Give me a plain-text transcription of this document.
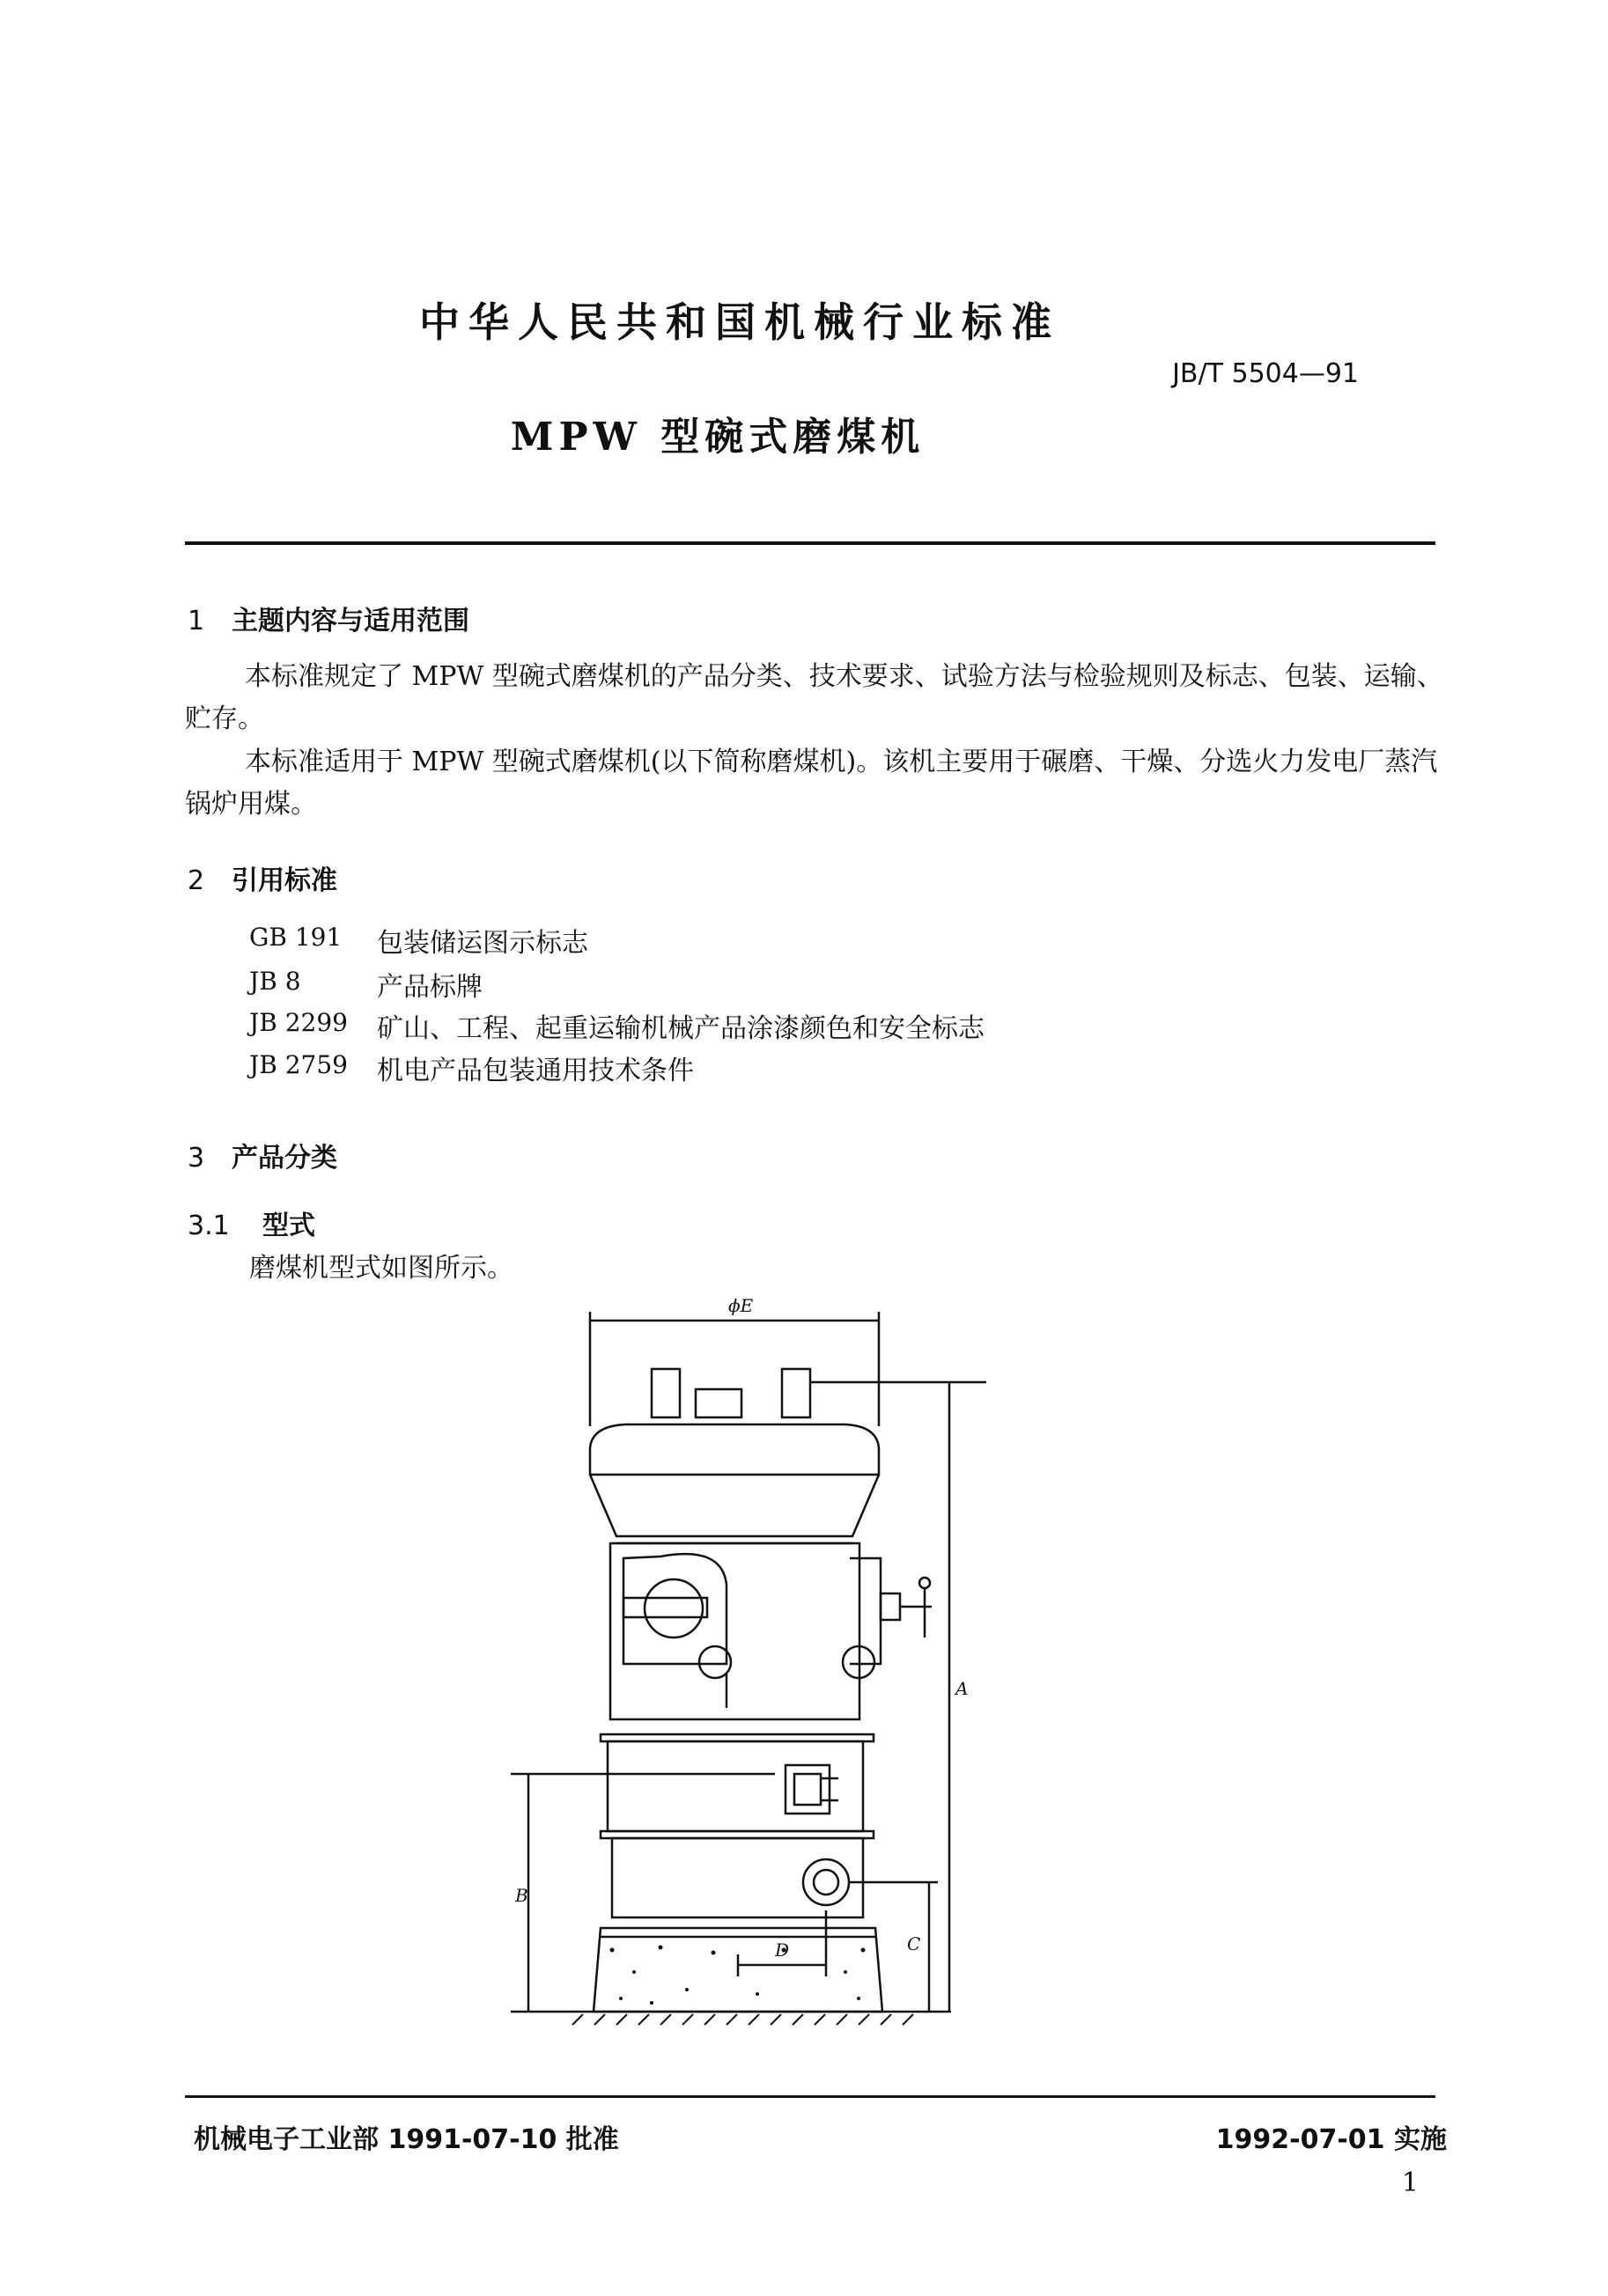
中华人民共和国机械行业标准
JB/T 5504—91
MPW 型碗式磨煤机
1 主题内容与适用范围
本标准规定了 MPW 型碗式磨煤机的产品分类、技术要求、试验方法与检验规则及标志、包装、运输、贮存。
本标准适用于 MPW 型碗式磨煤机(以下简称磨煤机)。该机主要用于碾磨、干燥、分选火力发电厂蒸汽锅炉用煤。
2 引用标准
GB 191	包装储运图示标志
JB 8	产品标牌
JB 2299	矿山、工程、起重运输机械产品涂漆颜色和安全标志
JB 2759	机电产品包装通用技术条件
3 产品分类
3.1 型式
磨煤机型式如图所示。
ϕE
A
B
C
D
机械电子工业部 1991-07-10 批准	1992-07-01 实施
1
